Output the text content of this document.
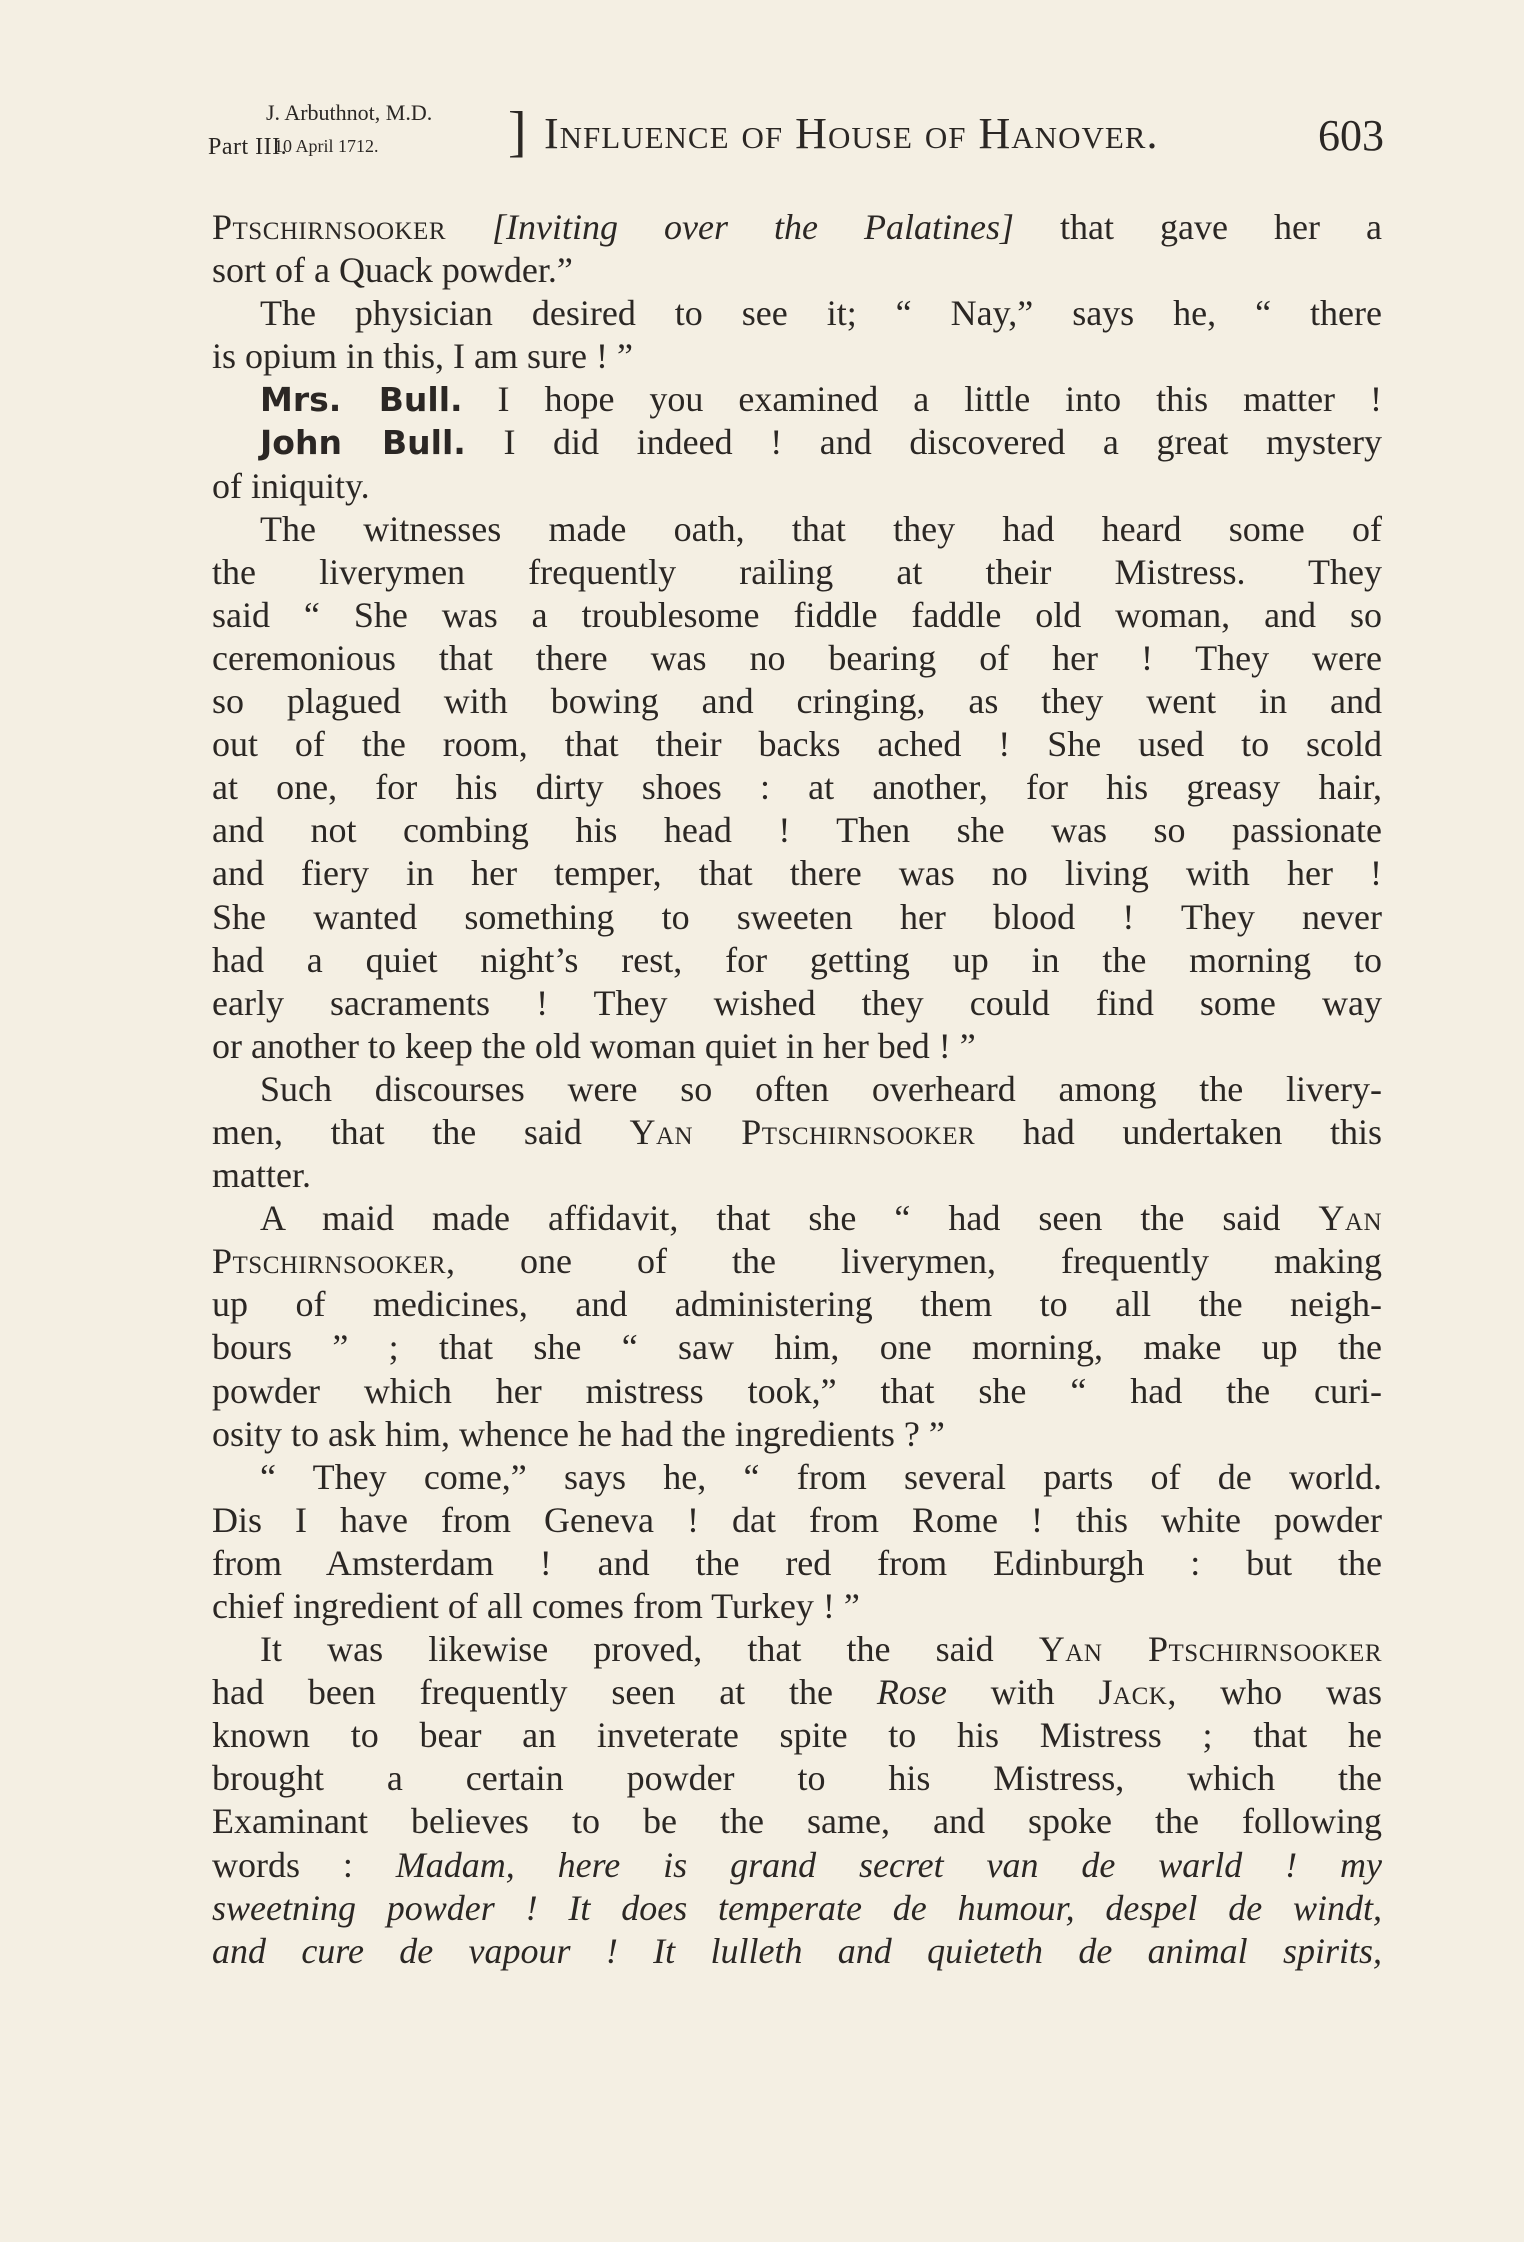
Part III.
J. Arbuthnot, M.D.
10 April 1712. ] Influence of House of Hanover.	603
Ptschirnsooker [Inviting over the Palatines] that gave her a
sort of a Quack powder.”
The physician desired to see it; “ Nay,” says he, “ there
is opium in this, I am sure ! ”
Mrs. Bull. I hope you examined a little into this matter !
John Bull. I did indeed ! and discovered a great mystery
of iniquity.
The witnesses made oath, that they had heard some of
the liverymen frequently railing at their Mistress. They
said “ She was a troublesome fiddle faddle old woman, and so
ceremonious that there was no bearing of her ! They were
so plagued with bowing and cringing, as they went in and
out of the room, that their backs ached ! She used to scold
at one, for his dirty shoes : at another, for his greasy hair,
and not combing his head ! Then she was so passionate
and fiery in her temper, that there was no living with her !
She wanted something to sweeten her blood ! They never
had a quiet night’s rest, for getting up in the morning to
early sacraments ! They wished they could find some way
or another to keep the old woman quiet in her bed ! ”
Such discourses were so often overheard among the livery-
men, that the said Yan Ptschirnsooker had undertaken this
matter.
A maid made affidavit, that she “ had seen the said Yan
Ptschirnsooker, one of the liverymen, frequently making
up of medicines, and administering them to all the neigh-
bours ” ; that she “ saw him, one morning, make up the
powder which her mistress took,” that she “ had the curi-
osity to ask him, whence he had the ingredients ? ”
“ They come,” says he, “ from several parts of de world.
Dis I have from Geneva ! dat from Rome ! this white powder
from Amsterdam ! and the red from Edinburgh : but the
chief ingredient of all comes from Turkey ! ”
It was likewise proved, that the said Yan Ptschirnsooker
had been frequently seen at the Rose with Jack, who was
known to bear an inveterate spite to his Mistress ; that he
brought a certain powder to his Mistress, which the
Examinant believes to be the same, and spoke the following
words : Madam, here is grand secret van de warld ! my
sweetning powder ! It does temperate de humour, despel de windt,
and cure de vapour ! It lulleth and quieteth de animal spirits,
